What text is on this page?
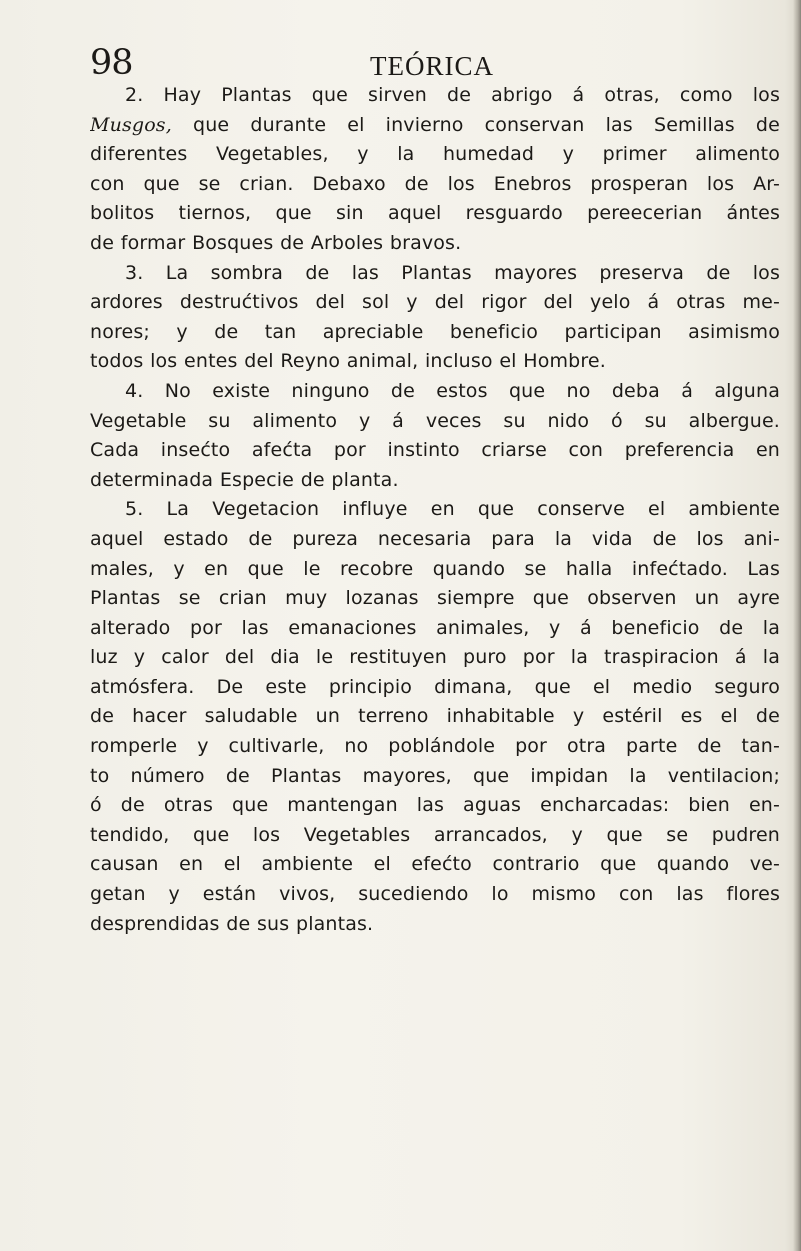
98	TEÓRICA
2. Hay Plantas que sirven de abrigo á otras, como los
Musgos, que durante el invierno conservan las Semillas de
diferentes Vegetables, y la humedad y primer alimento
con que se crian. Debaxo de los Enebros prosperan los Ar-
bolitos tiernos, que sin aquel resguardo pereecerian ántes
de formar Bosques de Arboles bravos.
3. La sombra de las Plantas mayores preserva de los
ardores destrućtivos del sol y del rigor del yelo á otras me-
nores; y de tan apreciable beneficio participan asimismo
todos los entes del Reyno animal, incluso el Hombre.
4. No existe ninguno de estos que no deba á alguna
Vegetable su alimento y á veces su nido ó su albergue.
Cada insećto afećta por instinto criarse con preferencia en
determinada Especie de planta.
5. La Vegetacion influye en que conserve el ambiente
aquel estado de pureza necesaria para la vida de los ani-
males, y en que le recobre quando se halla infećtado. Las
Plantas se crian muy lozanas siempre que observen un ayre
alterado por las emanaciones animales, y á beneficio de la
luz y calor del dia le restituyen puro por la traspiracion á la
atmósfera. De este principio dimana, que el medio seguro
de hacer saludable un terreno inhabitable y estéril es el de
romperle y cultivarle, no poblándole por otra parte de tan-
to número de Plantas mayores, que impidan la ventilacion;
ó de otras que mantengan las aguas encharcadas: bien en-
tendido, que los Vegetables arrancados, y que se pudren
causan en el ambiente el efećto contrario que quando ve-
getan y están vivos, sucediendo lo mismo con las flores
desprendidas de sus plantas.
